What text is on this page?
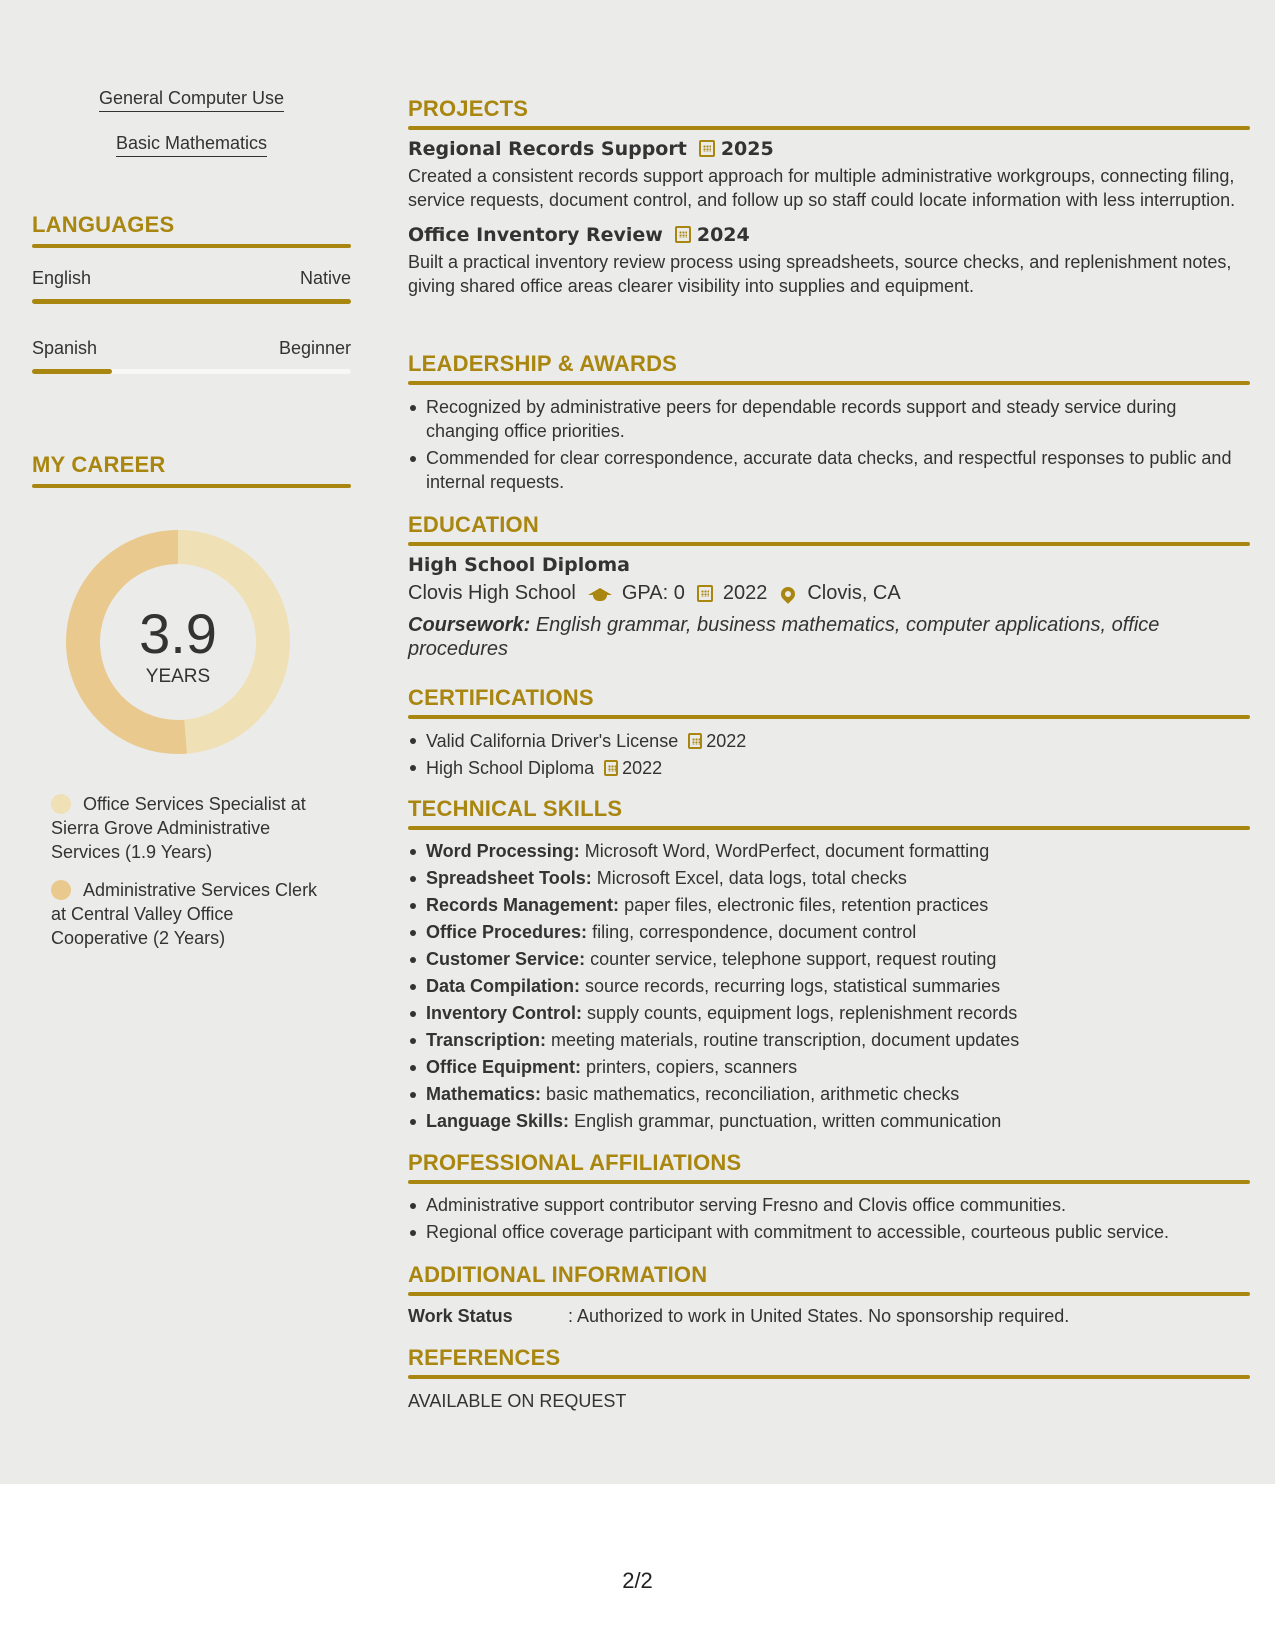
General Computer Use
Basic Mathematics
LANGUAGES
English	Native
Spanish	Beginner
MY CAREER
3.9
YEARS
Office Services Specialist at Sierra Grove Administrative Services (1.9 Years)
Administrative Services Clerk at Central Valley Office Cooperative (2 Years)
PROJECTS
Regional Records Support 2025
Created a consistent records support approach for multiple administrative workgroups, connecting filing, service requests, document control, and follow up so staff could locate information with less interruption.
Office Inventory Review 2024
Built a practical inventory review process using spreadsheets, source checks, and replenishment notes, giving shared office areas clearer visibility into supplies and equipment.
LEADERSHIP & AWARDS
Recognized by administrative peers for dependable records support and steady service during changing office priorities.
Commended for clear correspondence, accurate data checks, and respectful responses to public and internal requests.
EDUCATION
High School Diploma
Clovis High School GPA: 0 2022 Clovis, CA
Coursework: English grammar, business mathematics, computer applications, office procedures
CERTIFICATIONS
Valid California Driver's License 2022
High School Diploma 2022
TECHNICAL SKILLS
Word Processing: Microsoft Word, WordPerfect, document formatting
Spreadsheet Tools: Microsoft Excel, data logs, total checks
Records Management: paper files, electronic files, retention practices
Office Procedures: filing, correspondence, document control
Customer Service: counter service, telephone support, request routing
Data Compilation: source records, recurring logs, statistical summaries
Inventory Control: supply counts, equipment logs, replenishment records
Transcription: meeting materials, routine transcription, document updates
Office Equipment: printers, copiers, scanners
Mathematics: basic mathematics, reconciliation, arithmetic checks
Language Skills: English grammar, punctuation, written communication
PROFESSIONAL AFFILIATIONS
Administrative support contributor serving Fresno and Clovis office communities.
Regional office coverage participant with commitment to accessible, courteous public service.
ADDITIONAL INFORMATION
Work Status	: Authorized to work in United States. No sponsorship required.
REFERENCES
AVAILABLE ON REQUEST
2/2
